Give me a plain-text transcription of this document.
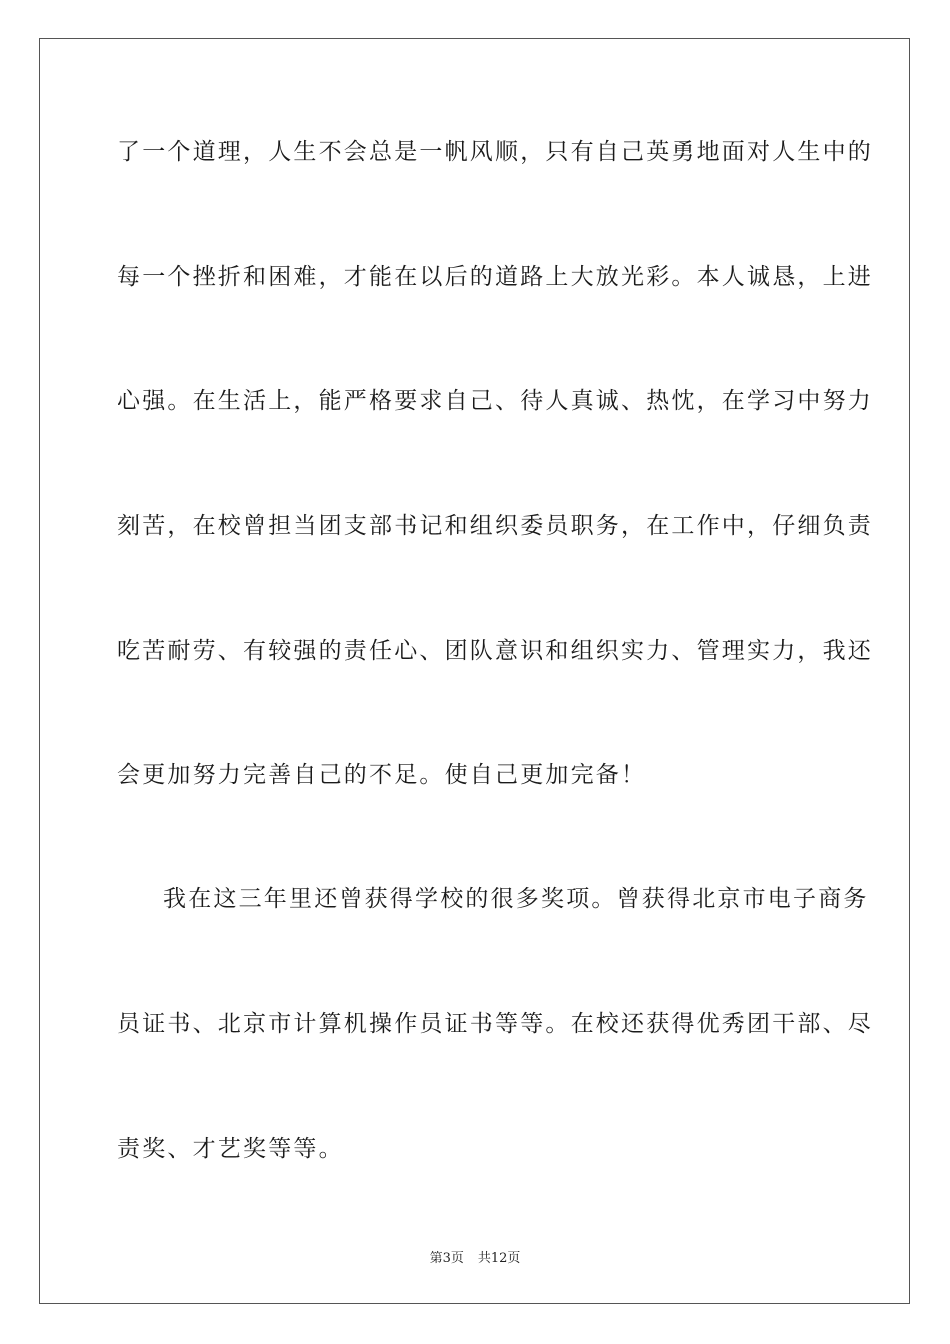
了一个道理，人生不会总是一帆风顺，只有自己英勇地面对人生中的
每一个挫折和困难，才能在以后的道路上大放光彩。本人诚恳，上进
心强。在生活上，能严格要求自己、待人真诚、热忱，在学习中努力
刻苦，在校曾担当团支部书记和组织委员职务，在工作中，仔细负责
吃苦耐劳、有较强的责任心、团队意识和组织实力、管理实力，我还
会更加努力完善自己的不足。使自己更加完备！
我在这三年里还曾获得学校的很多奖项。曾获得北京市电子商务
员证书、北京市计算机操作员证书等等。在校还获得优秀团干部、尽
责奖、才艺奖等等。
第3页 共12页
